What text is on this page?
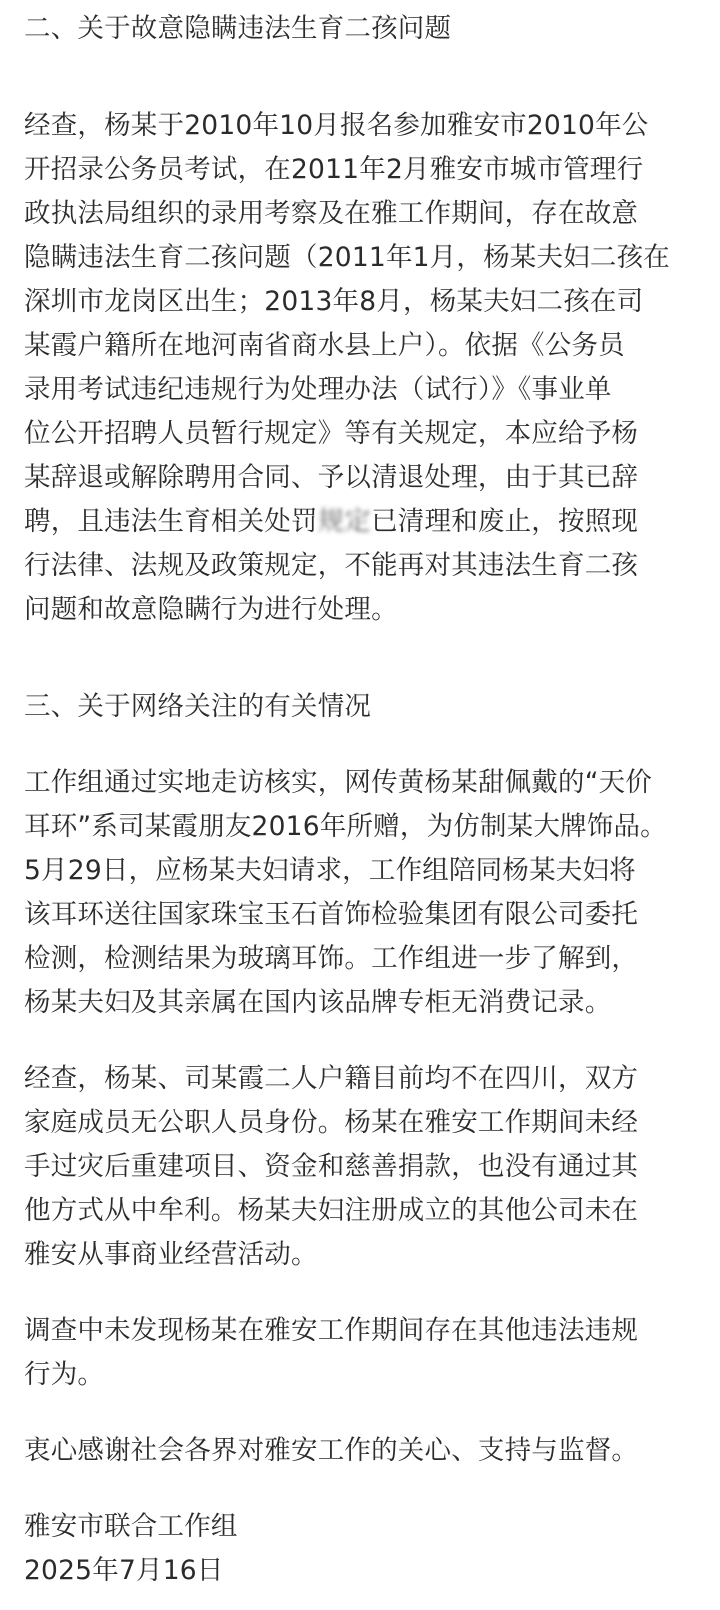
二、关于故意隐瞒违法生育二孩问题
经查，杨某于2010年10月报名参加雅安市2010年公
开招录公务员考试，在2011年2月雅安市城市管理行
政执法局组织的录用考察及在雅工作期间，存在故意
隐瞒违法生育二孩问题（2011年1月，杨某夫妇二孩在
深圳市龙岗区出生；2013年8月，杨某夫妇二孩在司
某霞户籍所在地河南省商水县上户）。依据《公务员
录用考试违纪违规行为处理办法（试行）》《事业单
位公开招聘人员暂行规定》等有关规定，本应给予杨
某辞退或解除聘用合同、予以清退处理，由于其已辞
聘，且违法生育相关处罚规定已清理和废止，按照现
行法律、法规及政策规定，不能再对其违法生育二孩
问题和故意隐瞒行为进行处理。
三、关于网络关注的有关情况
工作组通过实地走访核实，网传黄杨某甜佩戴的“天价
耳环”系司某霞朋友2016年所赠，为仿制某大牌饰品。
5月29日，应杨某夫妇请求，工作组陪同杨某夫妇将
该耳环送往国家珠宝玉石首饰检验集团有限公司委托
检测，检测结果为玻璃耳饰。工作组进一步了解到，
杨某夫妇及其亲属在国内该品牌专柜无消费记录。
经查，杨某、司某霞二人户籍目前均不在四川，双方
家庭成员无公职人员身份。杨某在雅安工作期间未经
手过灾后重建项目、资金和慈善捐款，也没有通过其
他方式从中牟利。杨某夫妇注册成立的其他公司未在
雅安从事商业经营活动。
调查中未发现杨某在雅安工作期间存在其他违法违规
行为。
衷心感谢社会各界对雅安工作的关心、支持与监督。
雅安市联合工作组
2025年7月16日
